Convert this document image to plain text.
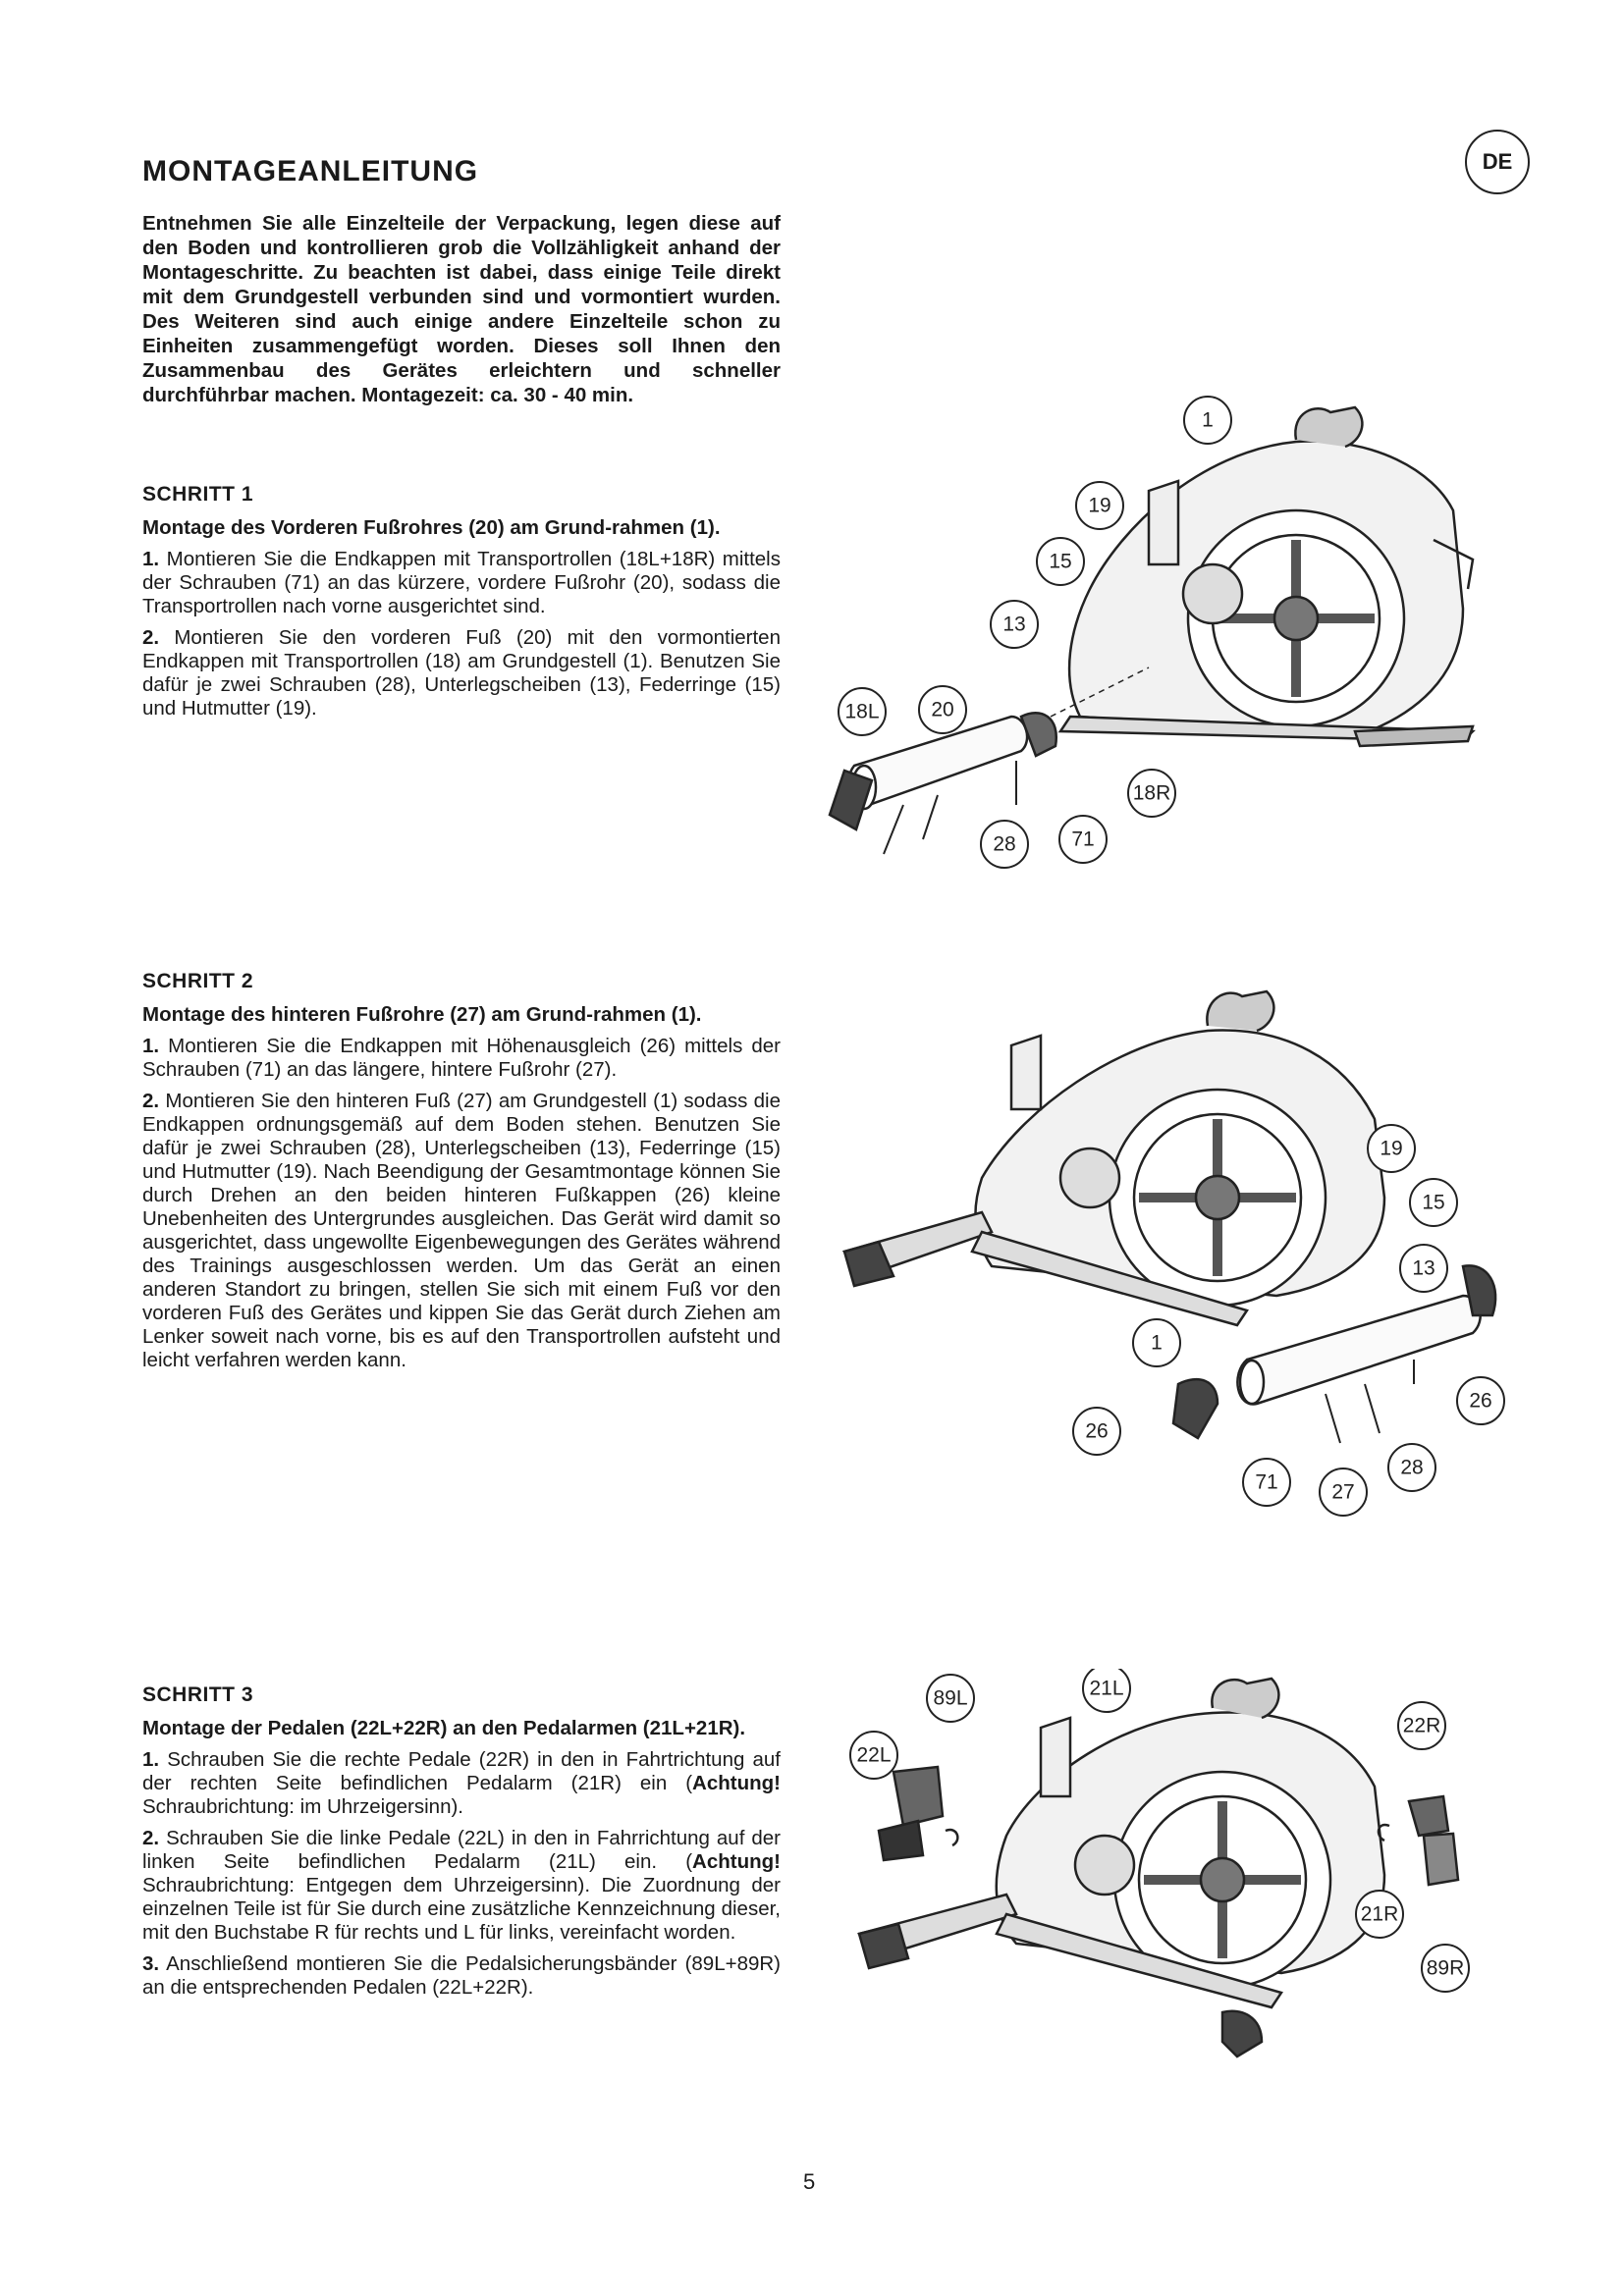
MONTAGEANLEITUNG	DE
Entnehmen Sie alle Einzelteile der Verpackung, legen diese auf den Boden und kontrollieren grob die Vollzähligkeit anhand der Montageschritte. Zu beachten ist dabei, dass einige Teile direkt mit dem Grundgestell verbunden sind und vormontiert wurden. Des Weiteren sind auch einige andere Einzelteile schon zu Einheiten zusammengefügt worden. Dieses soll Ihnen den Zusammenbau des Gerätes erleichtern und schneller durchführbar machen. Montagezeit: ca. 30 - 40 min.
SCHRITT 1
Montage des Vorderen Fußrohres (20) am Grund-rahmen (1).
1. Montieren Sie die Endkappen mit Transportrollen (18L+18R) mittels der Schrauben (71) an das kürzere, vordere Fußrohr (20), sodass die Transportrollen nach vorne ausgerichtet sind.
2. Montieren Sie den vorderen Fuß (20) mit den vormontierten Endkappen mit Transportrollen (18) am Grundgestell (1). Benutzen Sie dafür je zwei Schrauben (28), Unterlegscheiben (13), Federringe (15) und Hutmutter (19).
SCHRITT 2
Montage des hinteren Fußrohre (27) am Grund-rahmen (1).
1. Montieren Sie die Endkappen mit Höhenausgleich (26) mittels der Schrauben (71) an das längere, hintere Fußrohr (27).
2. Montieren Sie den hinteren Fuß (27) am Grundgestell (1) sodass die Endkappen ordnungsgemäß auf dem Boden stehen. Benutzen Sie dafür je zwei Schrauben (28), Unterlegscheiben (13), Federringe (15) und Hutmutter (19). Nach Beendigung der Gesamtmontage können Sie durch Drehen an den beiden hinteren Fußkappen (26) kleine Unebenheiten des Untergrundes ausgleichen. Das Gerät wird damit so ausgerichtet, dass ungewollte Eigenbewegungen des Gerätes während des Trainings ausgeschlossen werden. Um das Gerät an einen anderen Standort zu bringen, stellen Sie sich mit einem Fuß vor den vorderen Fuß des Gerätes und kippen Sie das Gerät durch Ziehen am Lenker soweit nach vorne, bis es auf den Transportrollen aufsteht und leicht verfahren werden kann.
SCHRITT 3
Montage der Pedalen (22L+22R) an den Pedalarmen (21L+21R).
1. Schrauben Sie die rechte Pedale (22R) in den in Fahrtrichtung auf der rechten Seite befindlichen Pedalarm (21R) ein (Achtung! Schraubrichtung: im Uhrzeigersinn).
2. Schrauben Sie die linke Pedale (22L) in den in Fahrrichtung auf der linken Seite befindlichen Pedalarm (21L) ein. (Achtung! Schraubrichtung: Entgegen dem Uhrzeigersinn). Die Zuordnung der einzelnen Teile ist für Sie durch eine zusätzliche Kennzeichnung dieser, mit den Buchstabe R für rechts und L für links, vereinfacht worden.
3. Anschließend montieren Sie die Pedalsicherungsbänder (89L+89R) an die entsprechenden Pedalen (22L+22R).
1
19
15
13
18L	20
18R
28	71
19
15
13
1
26
26
28
71	27
89L	21L
22L
22R
21R
89R
5
